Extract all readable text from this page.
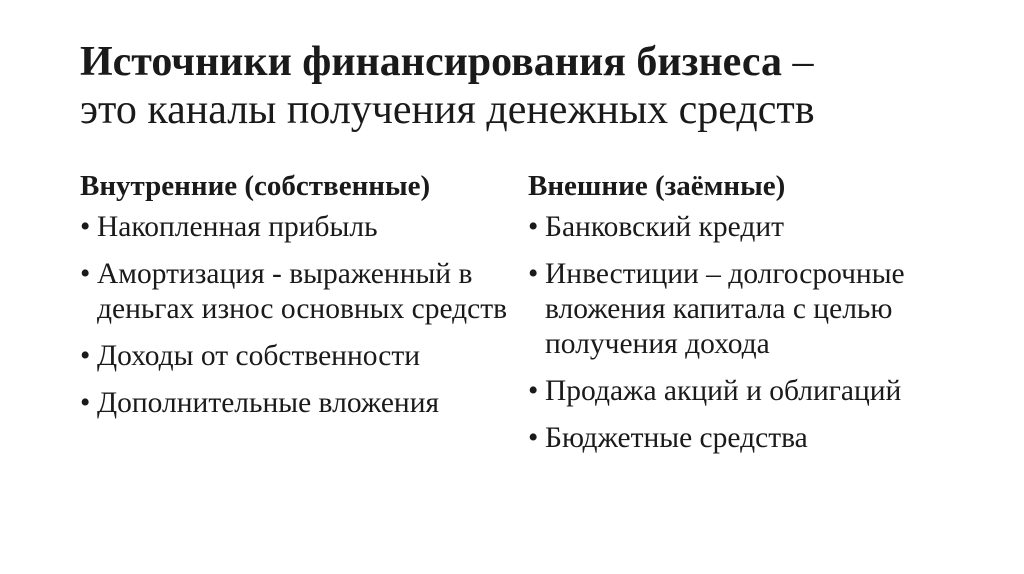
Источники финансирования бизнеса –
это каналы получения денежных средств
Внутренние (собственные)
• Накопленная прибыль
• Амортизация - выраженный в деньгах износ основных средств
• Доходы от собственности
• Дополнительные вложения
Внешние (заёмные)
• Банковский кредит
• Инвестиции – долгосрочные вложения капитала с целью получения дохода
• Продажа акций и облигаций
• Бюджетные средства
